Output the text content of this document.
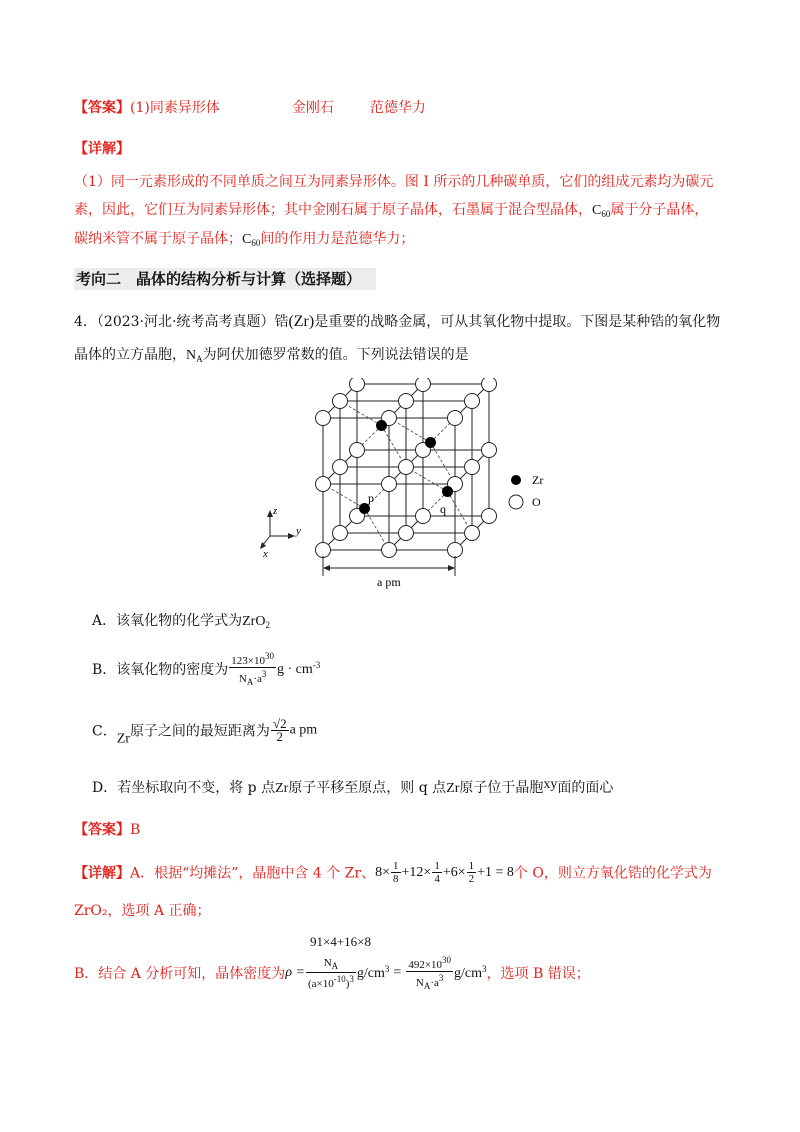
【答案】(1)同素异形体	金刚石	范德华力
【详解】
（1）同一元素形成的不同单质之间互为同素异形体。图 I 所示的几种碳单质，它们的组成元素均为碳元
素，因此，它们互为同素异形体；其中金刚石属于原子晶体，石墨属于混合型晶体，$C_{60}$属于分子晶体，
碳纳米管不属于原子晶体；$C_{60}$间的作用力是范德华力；
考向二　晶体的结构分析与计算（选择题）
4．（2023·河北·统考高考真题）锆(Zr)是重要的战略金属，可从其氧化物中提取。下图是某种锆的氧化物
晶体的立方晶胞，$N_A$为阿伏加德罗常数的值。下列说法错误的是
p
q
Zr
O
z
y
x
a pm
A．该氧化物的化学式为ZrO$_2$
B．该氧化物的密度为 $\frac{123\times 10^{30}}{N_A\cdot a^3}$ $g \cdot cm^{-3}$
C．Zr原子之间的最短距离为 $\frac{√2}{2}$ a pm
D．若坐标取向不变，将 p 点Zr原子平移至原点，则 q 点Zr原子位于晶胞xy面的面心
【答案】B
【详解】A．根据“均摊法”，晶胞中含 4 个 Zr、$8\times \frac{1}{8} +12\times \frac{1}{4} +6\times \frac{1}{2} +1 = 8$个 O，则立方氧化锆的化学式为
ZrO₂，选项 A 正确；
91×4+16×8
B．结合 A 分析可知，晶体密度为$\rho = \frac{N_A}{(a\times 10^{-10})^3} g/cm^3 = \frac{492\times 10^{30}}{N_A\cdot a^3} g/cm^3$，选项 B 错误；
